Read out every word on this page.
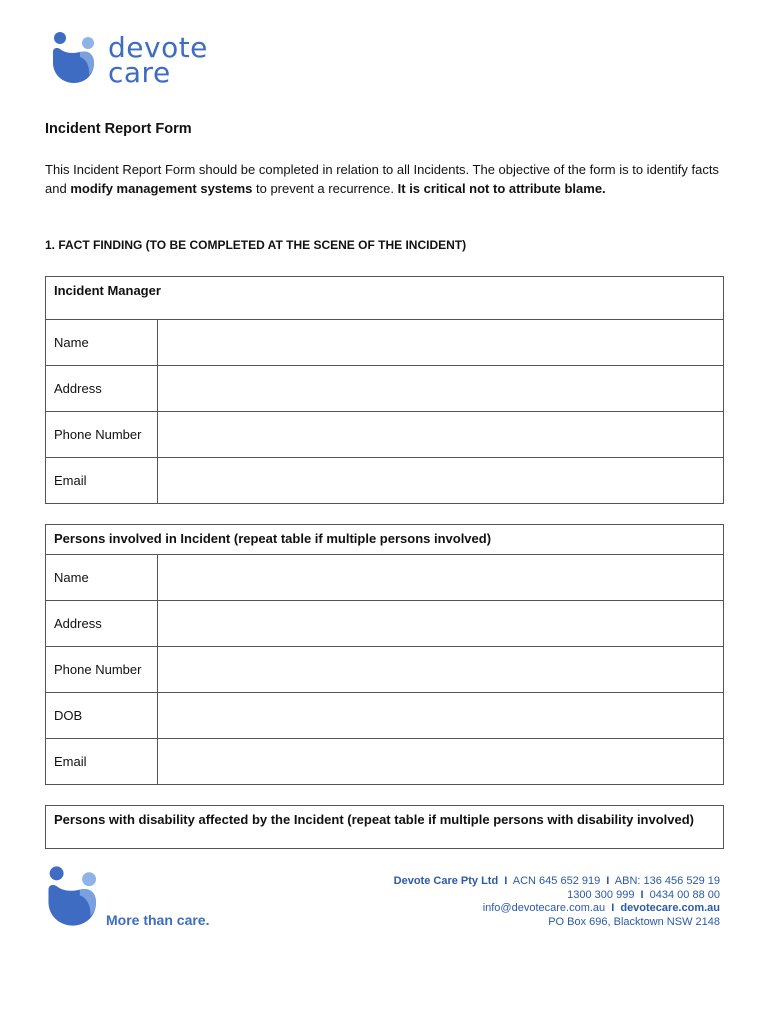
devote
care
Incident Report Form
This Incident Report Form should be completed in relation to all Incidents. The objective of the form is to identify facts and modify management systems to prevent a recurrence. It is critical not to attribute blame.
1. FACT FINDING (TO BE COMPLETED AT THE SCENE OF THE INCIDENT)
Incident Manager	
Name	
Address	
Phone Number	
Email	
Persons involved in Incident (repeat table if multiple persons involved)	
Name	
Address	
Phone Number	
DOB	
Email	
Persons with disability affected by the Incident (repeat table if multiple persons with disability involved)
More than care.
Devote Care Pty Ltd I ACN 645 652 919 I ABN: 136 456 529 19
1300 300 999 I 0434 00 88 00
info@devotecare.com.au I devotecare.com.au
PO Box 696, Blacktown NSW 2148
